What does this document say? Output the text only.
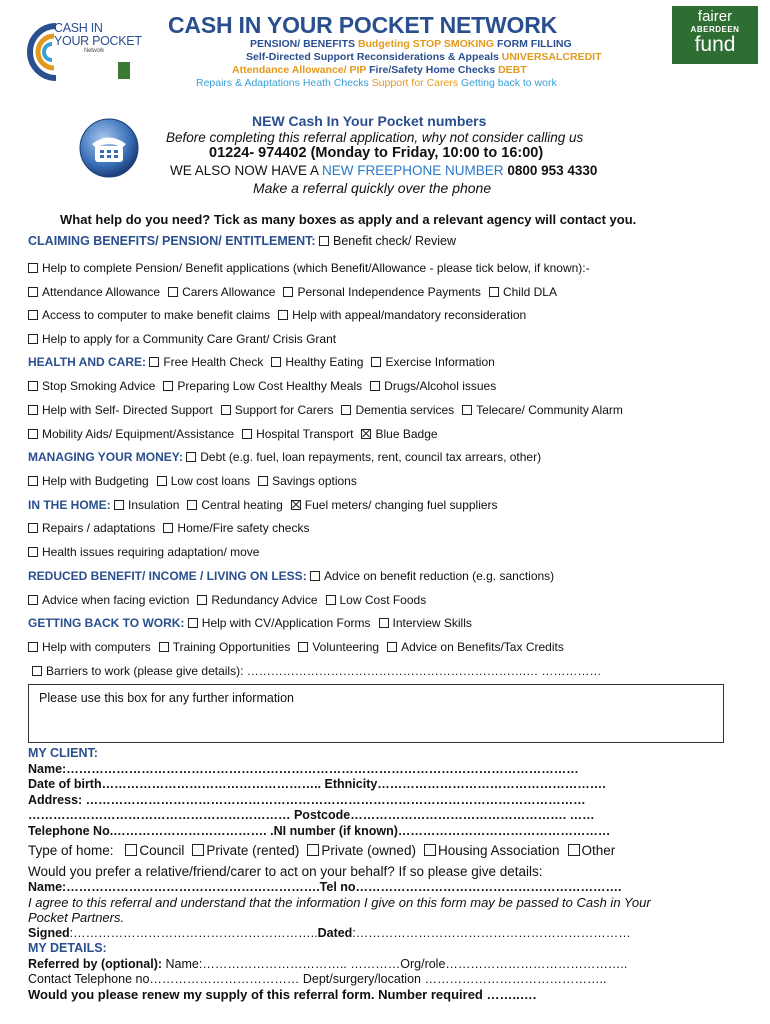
CASH IN
YOUR POCKET
Network
fairer
ABERDEEN
fund
CASH IN YOUR POCKET NETWORK
PENSION/ BENEFITS Budgeting STOP SMOKING FORM FILLING
Self-Directed Support Reconsiderations & Appeals UNIVERSALCREDIT
Attendance Allowance/ PIP Fire/Safety Home Checks DEBT
Repairs & Adaptations Heath Checks Support for Carers Getting back to work
NEW Cash In Your Pocket numbers
Before completing this referral application, why not consider calling us
01224- 974402 (Monday to Friday, 10:00 to 16:00)
WE ALSO NOW HAVE A NEW FREEPHONE NUMBER 0800 953 4330
Make a referral quickly over the phone
What help do you need? Tick as many boxes as apply and a relevant agency will contact you.
CLAIMING BENEFITS/ PENSION/ ENTITLEMENT: Benefit check/ Review
Help to complete Pension/ Benefit applications (which Benefit/Allowance - please tick below, if known):-
Attendance Allowance Carers Allowance Personal Independence Payments Child DLA
Access to computer to make benefit claims Help with appeal/mandatory reconsideration
Help to apply for a Community Care Grant/ Crisis Grant
HEALTH AND CARE: Free Health Check Healthy Eating Exercise Information
Stop Smoking Advice Preparing Low Cost Healthy Meals Drugs/Alcohol issues
Help with Self- Directed Support Support for Carers Dementia services Telecare/ Community Alarm
Mobility Aids/ Equipment/Assistance Hospital Transport Blue Badge
MANAGING YOUR MONEY: Debt (e.g. fuel, loan repayments, rent, council tax arrears, other)
Help with Budgeting Low cost loans Savings options
IN THE HOME: Insulation Central heating Fuel meters/ changing fuel suppliers
Repairs / adaptations Home/Fire safety checks
Health issues requiring adaptation/ move
REDUCED BENEFIT/ INCOME / LIVING ON LESS: Advice on benefit reduction (e.g. sanctions)
Advice when facing eviction Redundancy Advice Low Cost Foods
GETTING BACK TO WORK: Help with CV/Application Forms Interview Skills
Help with computers Training Opportunities Volunteering Advice on Benefits/Tax Credits
Barriers to work (please give details): …………………………………………………………….… ……………
Please use this box for any further information
MY CLIENT:
Name:……………………………………………………………………………………………………………
Date of birth…………………………………………….. Ethnicity……………………………………………….
Address: …………………………………………………………………………………………………………
……………………………………………………… Postcode……………………………………………. ……
Telephone No.………………………………. .NI number (if known)……………………………………………
Type of home: Council Private (rented) Private (owned) Housing Association Other
Would you prefer a relative/friend/carer to act on your behalf? If so please give details:
Name:…………………………………………………….Tel no……………………………………………………….
I agree to this referral and understand that the information I give on this form may be passed to Cash in Your
Pocket Partners.
Signed:…………………………………………………..Dated:…………………………………………………………
MY DETAILS:
Referred by (optional): Name:…………………………….. …………Org/role……………………………………..
Contact Telephone no……………………………… Dept/surgery/location ……………………………………..
Would you please renew my supply of this referral form. Number required ……..….
